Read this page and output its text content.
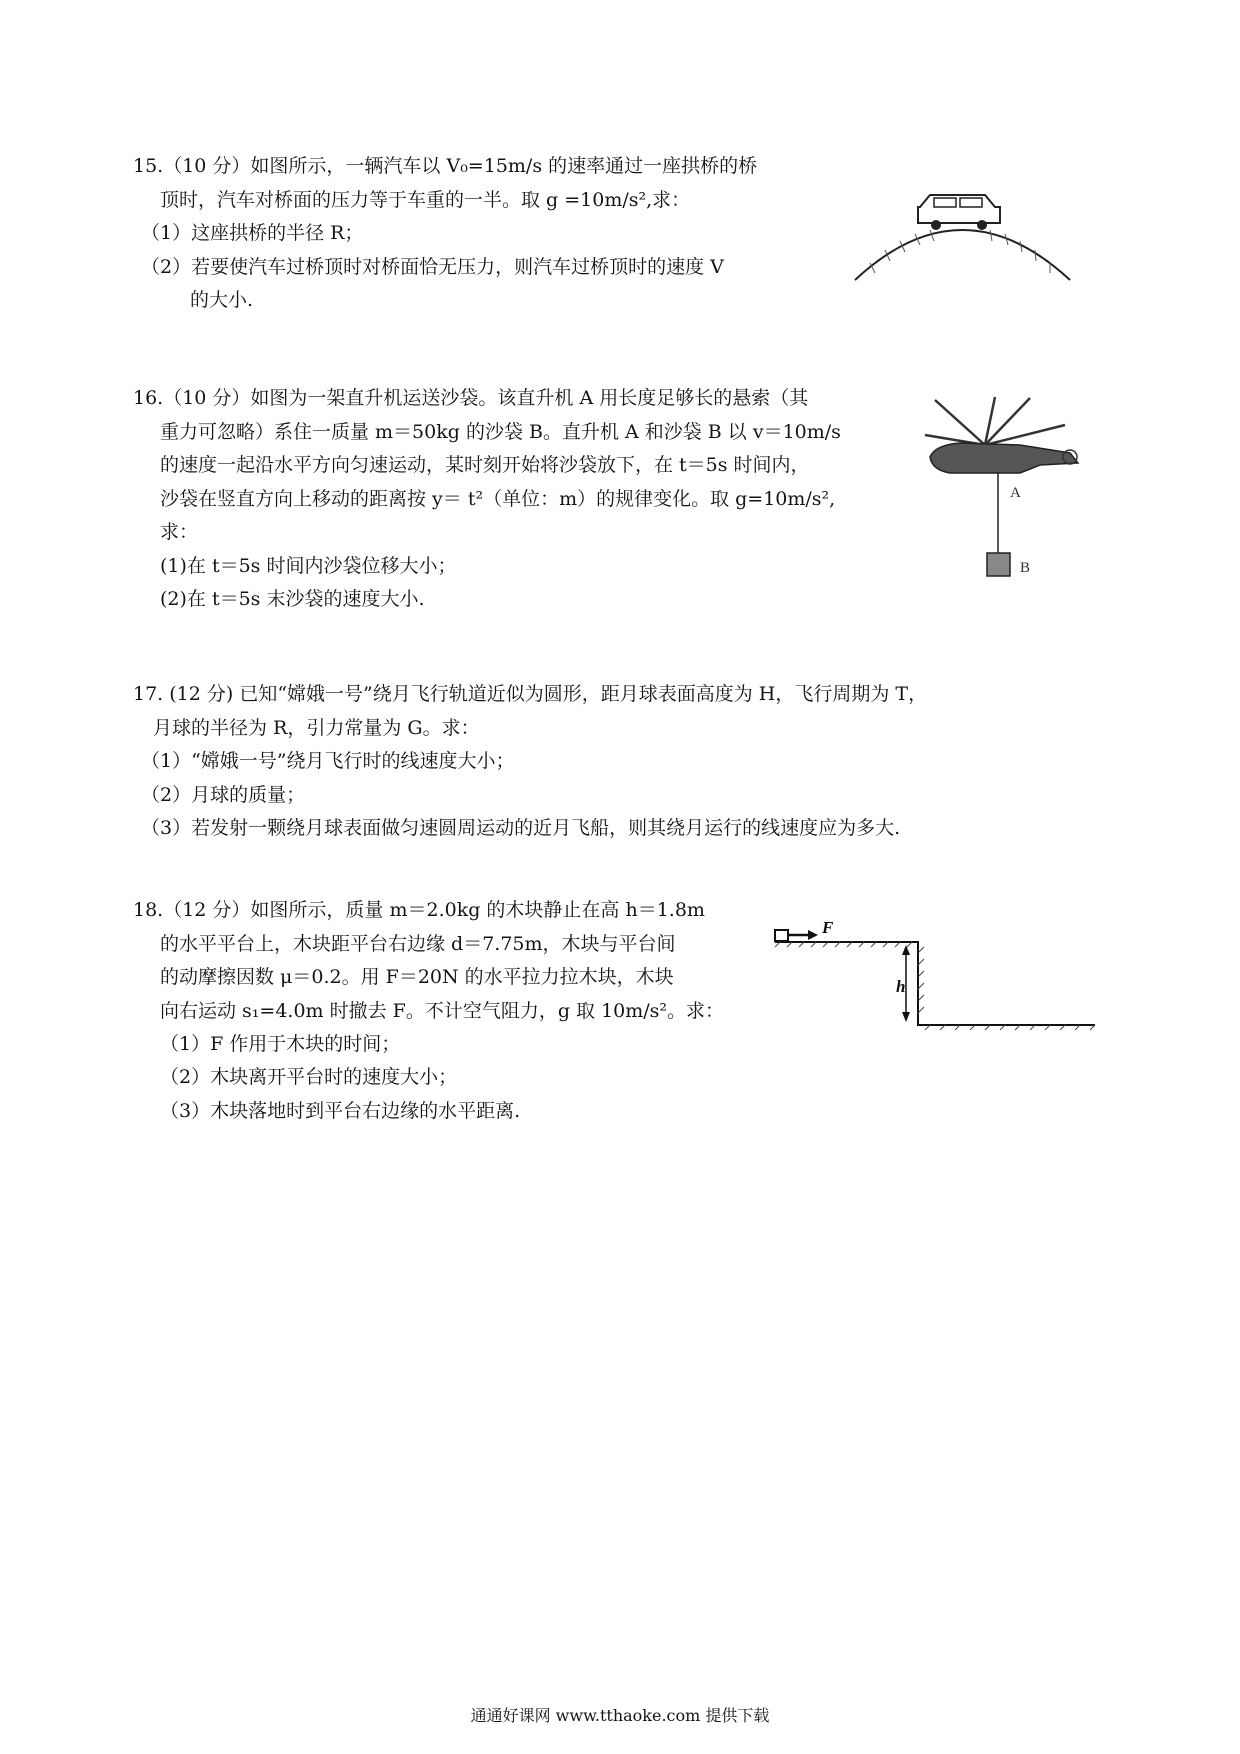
15.（10 分）如图所示，一辆汽车以 V₀=15m/s 的速率通过一座拱桥的桥
顶时，汽车对桥面的压力等于车重的一半。取 g =10m/s²,求：
（1）这座拱桥的半径 R；
（2）若要使汽车过桥顶时对桥面恰无压力，则汽车过桥顶时的速度 V
的大小.
16.（10 分）如图为一架直升机运送沙袋。该直升机 A 用长度足够长的悬索（其
重力可忽略）系住一质量 m＝50kg 的沙袋 B。直升机 A 和沙袋 B 以 v＝10m/s
的速度一起沿水平方向匀速运动，某时刻开始将沙袋放下，在 t＝5s 时间内，
沙袋在竖直方向上移动的距离按 y＝ t²（单位：m）的规律变化。取 g=10m/s²,
求：
(1)在 t＝5s 时间内沙袋位移大小；
(2)在 t＝5s 末沙袋的速度大小.
A
B
17. (12 分) 已知“嫦娥一号”绕月飞行轨道近似为圆形，距月球表面高度为 H，飞行周期为 T，
月球的半径为 R，引力常量为 G。求：
（1）“嫦娥一号”绕月飞行时的线速度大小；
（2）月球的质量；
（3）若发射一颗绕月球表面做匀速圆周运动的近月飞船，则其绕月运行的线速度应为多大.
18.（12 分）如图所示，质量 m＝2.0kg 的木块静止在高 h＝1.8m
的水平平台上，木块距平台右边缘 d＝7.75m，木块与平台间
的动摩擦因数 μ＝0.2。用 F＝20N 的水平拉力拉木块，木块
向右运动 s₁=4.0m 时撤去 F。不计空气阻力，g 取 10m/s²。求：
（1）F 作用于木块的时间；
（2）木块离开平台时的速度大小；
（3）木块落地时到平台右边缘的水平距离.
F
h
通通好课网 www.tthaoke.com 提供下载
